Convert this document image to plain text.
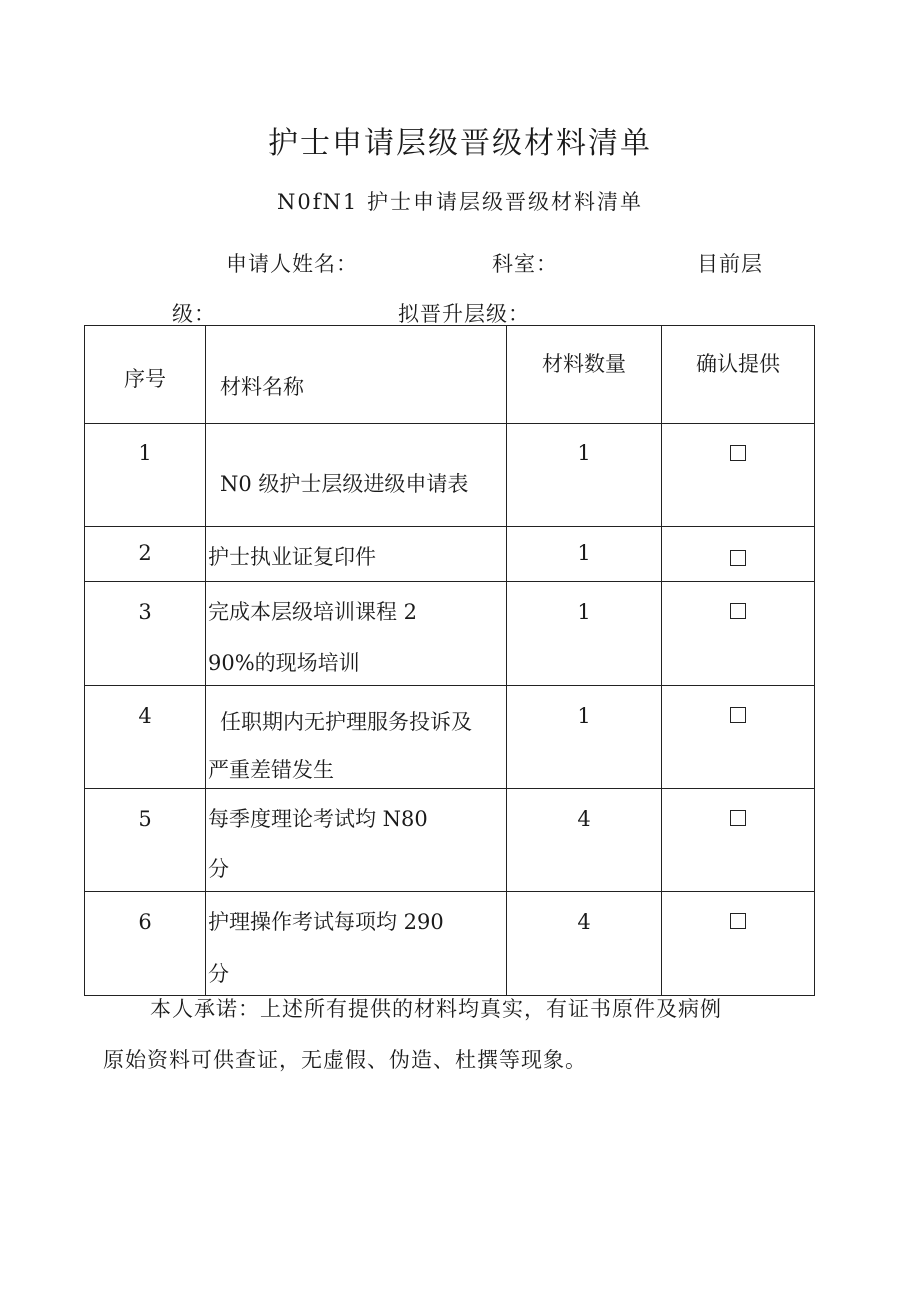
护士申请层级晋级材料清单
N0fN1 护士申请层级晋级材料清单
申请人姓名：	科室：	目前层
级：	拟晋升层级：
序号	材料名称	材料数量	确认提供

1	N0 级护士层级进级申请表	1	

2	护士执业证复印件	1	

3	完成本层级培训课程 2
90%的现场培训	1	

4	任职期内无护理服务投诉及
严重差错发生	1	

5	每季度理论考试均 N80
分	4	

6	护理操作考试每项均 290
分	4	

本人承诺：上述所有提供的材料均真实，有证书原件及病例
原始资料可供查证，无虚假、伪造、杜撰等现象。
